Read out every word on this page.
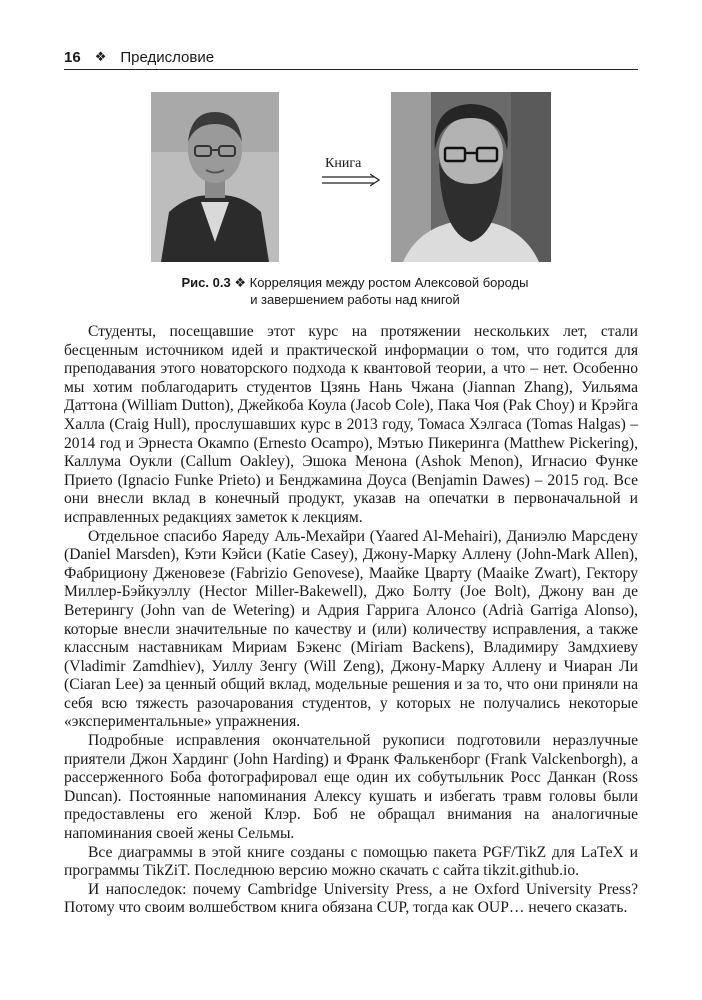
16 ❖ Предисловие
Книга
Рис. 0.3 ❖ Корреляция между ростом Алексовой бороды
и завершением работы над книгой

Студенты, посещавшие этот курс на протяжении нескольких лет, стали бесценным источником идей и практической информации о том, что годится для преподавания этого новаторского подхода к квантовой теории, а что – нет. Особенно мы хотим поблагодарить студентов Цзянь Нань Чжана (Jiannan Zhang), Уильяма Даттона (William Dutton), Джейкоба Коула (Jacob Cole), Пака Чоя (Pak Choy) и Крэйга Халла (Craig Hull), прослушавших курс в 2013 году, Томаса Хэлгаса (Tomas Halgas) – 2014 год и Эрнеста Окампо (Ernesto Ocampo), Мэтью Пикеринга (Matthew Pickering), Каллума Оукли (Callum Oakley), Эшока Менона (Ashok Menon), Игнасио Функе Прието (Ignacio Funke Prieto) и Бенджамина Доуса (Benjamin Dawes) – 2015 год. Все они внесли вклад в конечный продукт, указав на опечатки в первоначальной и исправленных редакциях заметок к лекциям.

Отдельное спасибо Яареду Аль-Мехайри (Yaared Al-Mehairi), Даниэлю Марсдену (Daniel Marsden), Кэти Кэйси (Katie Casey), Джону-Марку Аллену (John-Mark Allen), Фабрициону Дженовезе (Fabrizio Genovese), Маайке Цварту (Maaike Zwart), Гектору Миллер-Бэйкуэллу (Hector Miller-Bakewell), Джо Болту (Joe Bolt), Джону ван де Ветерингу (John van de Wetering) и Адрия Гаррига Алонсо (Adrià Garriga Alonso), которые внесли значительные по качеству и (или) количеству исправления, а также классным наставникам Мириам Бэкенс (Miriam Backens), Владимиру Замдхиеву (Vladimir Zamdhiev), Уиллу Зенгу (Will Zeng), Джону-Марку Аллену и Чиаран Ли (Ciaran Lee) за ценный общий вклад, модельные решения и за то, что они приняли на себя всю тяжесть разочарования студентов, у которых не получались некоторые «экспериментальные» упражнения.

Подробные исправления окончательной рукописи подготовили неразлучные приятели Джон Хардинг (John Harding) и Франк Фалькенборг (Frank Valckenborgh), а рассерженного Боба фотографировал еще один их собутыльник Росс Данкан (Ross Duncan). Постоянные напоминания Алексу кушать и избегать травм головы были предоставлены его женой Клэр. Боб не обращал внимания на аналогичные напоминания своей жены Сельмы.

Все диаграммы в этой книге созданы с помощью пакета PGF/TikZ для LaTeX и программы TikZiT. Последнюю версию можно скачать с сайта tikzit.github.io.

И напоследок: почему Cambridge University Press, а не Oxford University Press? Потому что своим волшебством книга обязана CUP, тогда как OUP… нечего сказать.
